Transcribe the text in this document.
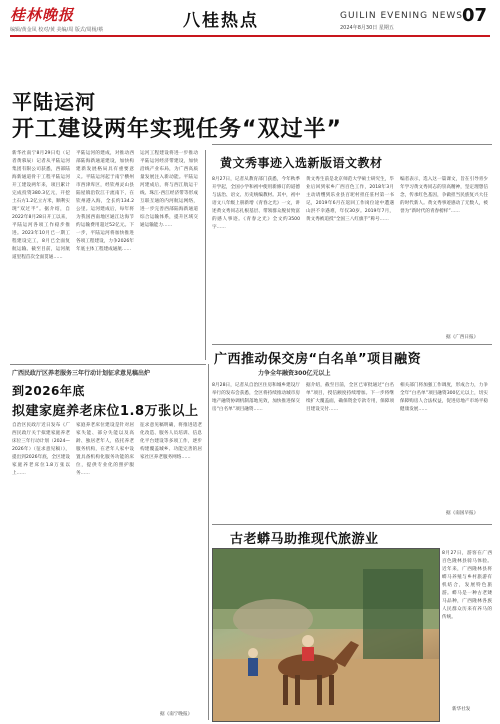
桂林晚报
编辑/黄金凤 校对/黄 美编/周 版式/周杨/蔡	八桂热点	GUILIN EVENING NEWS
2024年8月30日 星期五
07
平陆运河
开工建设两年实现任务“双过半”
新华社南宁8月29日电（记者黄慕辰）记者从平陆运河集团有限公司获悉，西部陆海新通道骨干工程平陆运河开工建设两年来，项目累计完成投资380.3亿元，开挖土石方1.2亿立方米，顺利实现“双过半”。据介绍，自2022年8月28日开工以来，平陆运河各项工作稳步推进。2023年10月已一期工程建设完工，8月已全面复航运输。截至目前，运河航道里程首次全面贯通……
平陆运河的建成，对推动西部陆海新通道建设，加快构建新发展格局具有重要意义。平陆运河起于南宁横州市西津库区，经钦州灵山县陆屋镇沿钦江干流南下，在钦州港入海，全长约134.2公里。运河建成后，每年将为我国西南地区通江达海节约运输费用超过52亿元。下一步，平陆运河将加快推进各项工程建设，力争2026年年底主体工程建成通航……
运河工程建设将进一步推动平陆运河经济带建设，加快沿线产业布局，为广西高质量发展注入新动能。平陆运河建成后，将与西江航运干线、珠江-西江经济带等形成互联互通的内河航运网络，进一步完善西部陆海新通道综合运输体系，提升区域交通运输能力……
黄文秀事迹入选新版语文教材
8月27日，记者从教育部门获悉，今年秋季开学起，全国小学和初中使用新修订的道德与法治、语文、历史统编教材。其中，初中语文八年级上册新增《青春之光》一文，讲述黄文秀同志扎根基层、带领群众脱贫致富的感人事迹。《青春之光》全文约3500字……
黄文秀生前是北京师范大学硕士研究生，毕业后回到家乡广西百色工作，2018年3月主动请缨到乐业县百坭村担任驻村第一书记，2019年6月在返回工作岗位途中遭遇山洪不幸遇难，年仅30岁。2019年7月，黄文秀被追授“全国三八红旗手”称号……
编者表示，选入这一篇课文，旨在引导青少年学习黄文秀同志的崇高精神，坚定理想信念，传承红色基因，争做担当民族复兴大任的时代新人。黄文秀事迹感动了无数人，被誉为“新时代的青春榜样”……
据《广西日报》
广西民政厅区养老服务三年行动计划征求意见稿出炉
到2026年底
拟建家庭养老床位1.8万张以上
自治区民政厅近日发布《广西民政厅关于拟建家庭养老床位三年行动计划（2024—2026年）（征求意见稿）》，提出到2026年底，全区建设家庭养老床位1.8万张以上……
家庭养老床位建设是针对居家失能、部分失能以及高龄、独居老年人，依托养老服务机构，在老年人家中设置具备机构化服务功能的床位，提供专业化的照护服务……
征求意见稿明确，将推进适老化改造、服务人员培训、信息化平台建设等多项工作，逐步构建覆盖城乡、功能完善的居家社区养老服务网络……
据《南宁晚报》
广西推动保交房“白名单”项目融资
力争全年融资300亿元以上
8月28日，记者从自治区住房和城乡建设厅举行的发布会获悉，全区将持续推动城市房地产融资协调机制落地见效，加快推进保交房“白名单”项目融资……
据介绍，截至目前，全区已审批通过“白名单”项目，授信额度持续增加。下一步将继续扩大覆盖面，确保资金专款专用，保障项目建设交付……
相关部门将加强工作调度，形成合力，力争全年“白名单”项目融资300亿元以上，切实保障购房人合法权益，促进房地产市场平稳健康发展……
据《南国早报》
古老蟒马助推现代旅游业
8月27日，游客在广西百色隆林县骑马体验。近年来，广西隆林县将蟒马养殖与乡村旅游有机结合，发展特色旅游。蟒马是一种古老矮马品种，广西隆林各族人民群众历来有养马的传统。
新华社发
